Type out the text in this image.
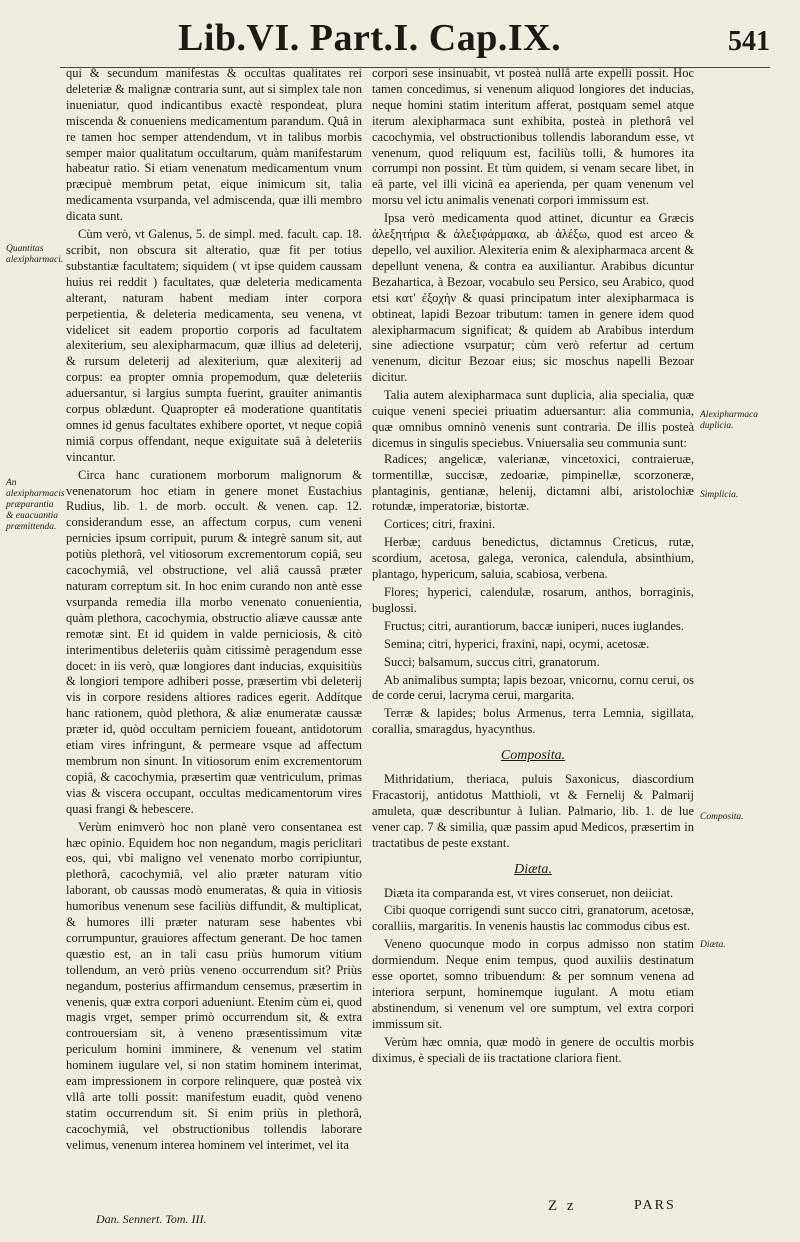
Lib.VI. Part.I. Cap.IX.	541
Quantitas alexipharmaci.
An alexipharmacis præparantia & euacuantia præmittenda.
Alexipharmaca duplicia.
Simplicia.
Composita.
Diæta.

qui & secundum manifestas & occultas qualitates rei deleteriæ & malignæ contraria sunt, aut si simplex tale non inueniatur, quod indicantibus exactè respondeat, plura miscenda & conueniens medicamentum parandum. Quâ in re tamen hoc semper attendendum, vt in talibus morbis semper maior qualitatum occultarum, quàm manifestarum habeatur ratio. Si etiam venenatum medicamentum vnum præcipuè membrum petat, eique inimicum sit, talia medicamenta vsurpanda, vel admiscenda, quæ illi membro dicata sunt.

Cùm verò, vt Galenus, 5. de simpl. med. facult. cap. 18. scribit, non obscura sit alteratio, quæ fit per totius substantiæ facultatem; siquidem ( vt ipse quidem caussam huius rei reddit ) facultates, quæ deleteria medicamenta alterant, naturam habent mediam inter corpora perpetientia, & deleteria medicamenta, seu venena, vt videlicet sit eadem proportio corporis ad facultatem alexiterium, seu alexipharmacum, quæ illius ad deleterij, & rursum deleterij ad alexiterium, quæ alexiterij ad corpus: ea propter omnia propemodum, quæ deleteriis aduersantur, si largius sumpta fuerint, grauiter animantis corpus oblædunt. Quapropter eâ moderatione quantitatis omnes id genus facultates exhibere oportet, vt neque copiâ nimiâ corpus offendant, neque exiguitate suâ à deleteriis vincantur.

Circa hanc curationem morborum malignorum & venenatorum hoc etiam in genere monet Eustachius Rudius, lib. 1. de morb. occult. & venen. cap. 12. considerandum esse, an affectum corpus, cum veneni pernicies ipsum corripuit, purum & integrè sanum sit, aut potiùs plethorâ, vel vitiosorum excrementorum copiâ, seu cacochymiâ, vel obstructione, vel aliâ caussâ præter naturam correptum sit. In hoc enim curando non antè esse vsurpanda remedia illa morbo venenato conuenientia, quàm plethora, cacochymia, obstructio aliæve caussæ ante remotæ sint. Et id quidem in valde perniciosis, & citò interimentibus deleteriis quàm citissimè peragendum esse docet: in iis verò, quæ longiores dant inducias, exquisitiùs & longiori tempore adhiberi posse, præsertim vbi deleterij vis in corpore residens altiores radices egerit. Addítque hanc rationem, quòd plethora, & aliæ enumeratæ caussæ præter id, quòd occultam perniciem foueant, antidotorum etiam vires infringunt, & permeare vsque ad affectum membrum non sinunt. In vitiosorum enim excrementorum copiâ, & cacochymia, præsertim quæ ventriculum, primas vias & viscera occupant, occultas medicamentorum vires quasi frangi & hebescere.

Verùm enimverò hoc non planè vero consentanea est hæc opinio. Equidem hoc non negandum, magis periclitari eos, qui, vbi maligno vel venenato morbo corripiuntur, plethorâ, cacochymiâ, vel alio præter naturam vitio laborant, ob caussas modò enumeratas, & quia in vitiosis humoribus venenum sese faciliùs diffundit, & multiplicat, & humores illi præter naturam sese habentes vbi corrumpuntur, grauiores affectum generant. De hoc tamen quæstio est, an in tali casu priùs humorum vitium tollendum, an verò priùs veneno occurrendum sit? Priùs negandum, posterius affirmandum censemus, præsertim in venenis, quæ extra corpori adueniunt. Etenim cùm ei, quod magis vrget, semper primò occurrendum sit, & extra controuersiam sit, à veneno præsentissimum vitæ periculum homini imminere, & venenum vel statim hominem iugulare vel, si non statim hominem interimat, eam impressionem in corpore relinquere, quæ posteà vix vllâ arte tolli possit: manifestum euadit, quòd veneno statim occurrendum sit. Si enim priùs in plethorâ, cacochymiâ, vel obstructionibus tollendis laborare velimus, venenum interea hominem vel interimet, vel ita

corpori sese insinuabit, vt posteà nullâ arte expelli possit. Hoc tamen concedimus, si venenum aliquod longiores det inducias, neque homini statim interitum afferat, postquam semel atque iterum alexipharmaca sunt exhibita, posteà in plethorâ vel cacochymia, vel obstructionibus tollendis laborandum esse, vt venenum, quod reliquum est, faciliùs tolli, & humores ita corrumpi non possint. Et tùm quidem, si venam secare libet, in eâ parte, vel illi vicinâ ea aperienda, per quam venenum vel morsu vel ictu animalis venenati corpori immissum est.

Ipsa verò medicamenta quod attinet, dicuntur ea Græcis ἀλεξητήρια & ἀλεξιφάρμακα, ab ἀλέξω, quod est arceo & depello, vel auxilior. Alexiteria enim & alexipharmaca arcent & depellunt venena, & contra ea auxiliantur. Arabibus dicuntur Bezahartica, à Bezoar, vocabulo seu Persico, seu Arabico, quod etsi κατ' ἐξοχὴν & quasi principatum inter alexipharmaca is obtineat, lapidi Bezoar tributum: tamen in genere idem quod alexipharmacum significat; & quidem ab Arabibus interdum sine adiectione vsurpatur; cùm verò refertur ad certum venenum, dicitur Bezoar eius; sic moschus napelli Bezoar dicitur.

Talia autem alexipharmaca sunt duplicia, alia specialia, quæ cuique veneni speciei priuatim aduersantur: alia communia, quæ omnibus omninò venenis sunt contraria. De illis posteà dicemus in singulis speciebus. Vniuersalia seu communia sunt:

Radices; angelicæ, valerianæ, vincetoxici, contraieruæ, tormentillæ, succisæ, zedoariæ, pimpinellæ, scorzoneræ, plantaginis, gentianæ, helenij, dictamni albi, aristolochiæ rotundæ, imperatoriæ, bistortæ.

Cortices; citri, fraxini.

Herbæ; carduus benedictus, dictamnus Creticus, rutæ, scordium, acetosa, galega, veronica, calendula, absinthium, plantago, hypericum, saluia, scabiosa, verbena.

Flores; hyperici, calendulæ, rosarum, anthos, borraginis, buglossi.

Fructus; citri, aurantiorum, baccæ iuniperi, nuces iuglandes.

Semina; citri, hyperici, fraxini, napi, ocymi, acetosæ.

Succi; balsamum, succus citri, granatorum.

Ab animalibus sumpta; lapis bezoar, vnicornu, cornu cerui, os de corde cerui, lacryma cerui, margarita.

Terræ & lapides; bolus Armenus, terra Lemnia, sigillata, corallia, smaragdus, hyacynthus.

Composita.

Mithridatium, theriaca, puluis Saxonicus, diascordium Fracastorij, antidotus Matthioli, vt & Fernelij & Palmarij amuleta, quæ describuntur à Iulian. Palmario, lib. 1. de lue vener cap. 7 & similia, quæ passim apud Medicos, præsertim in tractatibus de peste exstant.

Diæta.

Diæta ita comparanda est, vt vires conseruet, non deiiciat.

Cibi quoque corrigendi sunt succo citri, granatorum, acetosæ, coralliis, margaritis. In venenis haustis lac commodus cibus est.

Veneno quocunque modo in corpus admisso non statim dormiendum. Neque enim tempus, quod auxiliis destinatum esse oportet, somno tribuendum: & per somnum venena ad interiora serpunt, hominemque iugulant. A motu etiam abstinendum, si venenum vel ore sumptum, vel extra corpori immissum sit.

Verùm hæc omnia, quæ modò in genere de occultis morbis diximus, è speciali de iis tractatione clariora fient.

Dan. Sennert. Tom. III.
Z z	PARS
